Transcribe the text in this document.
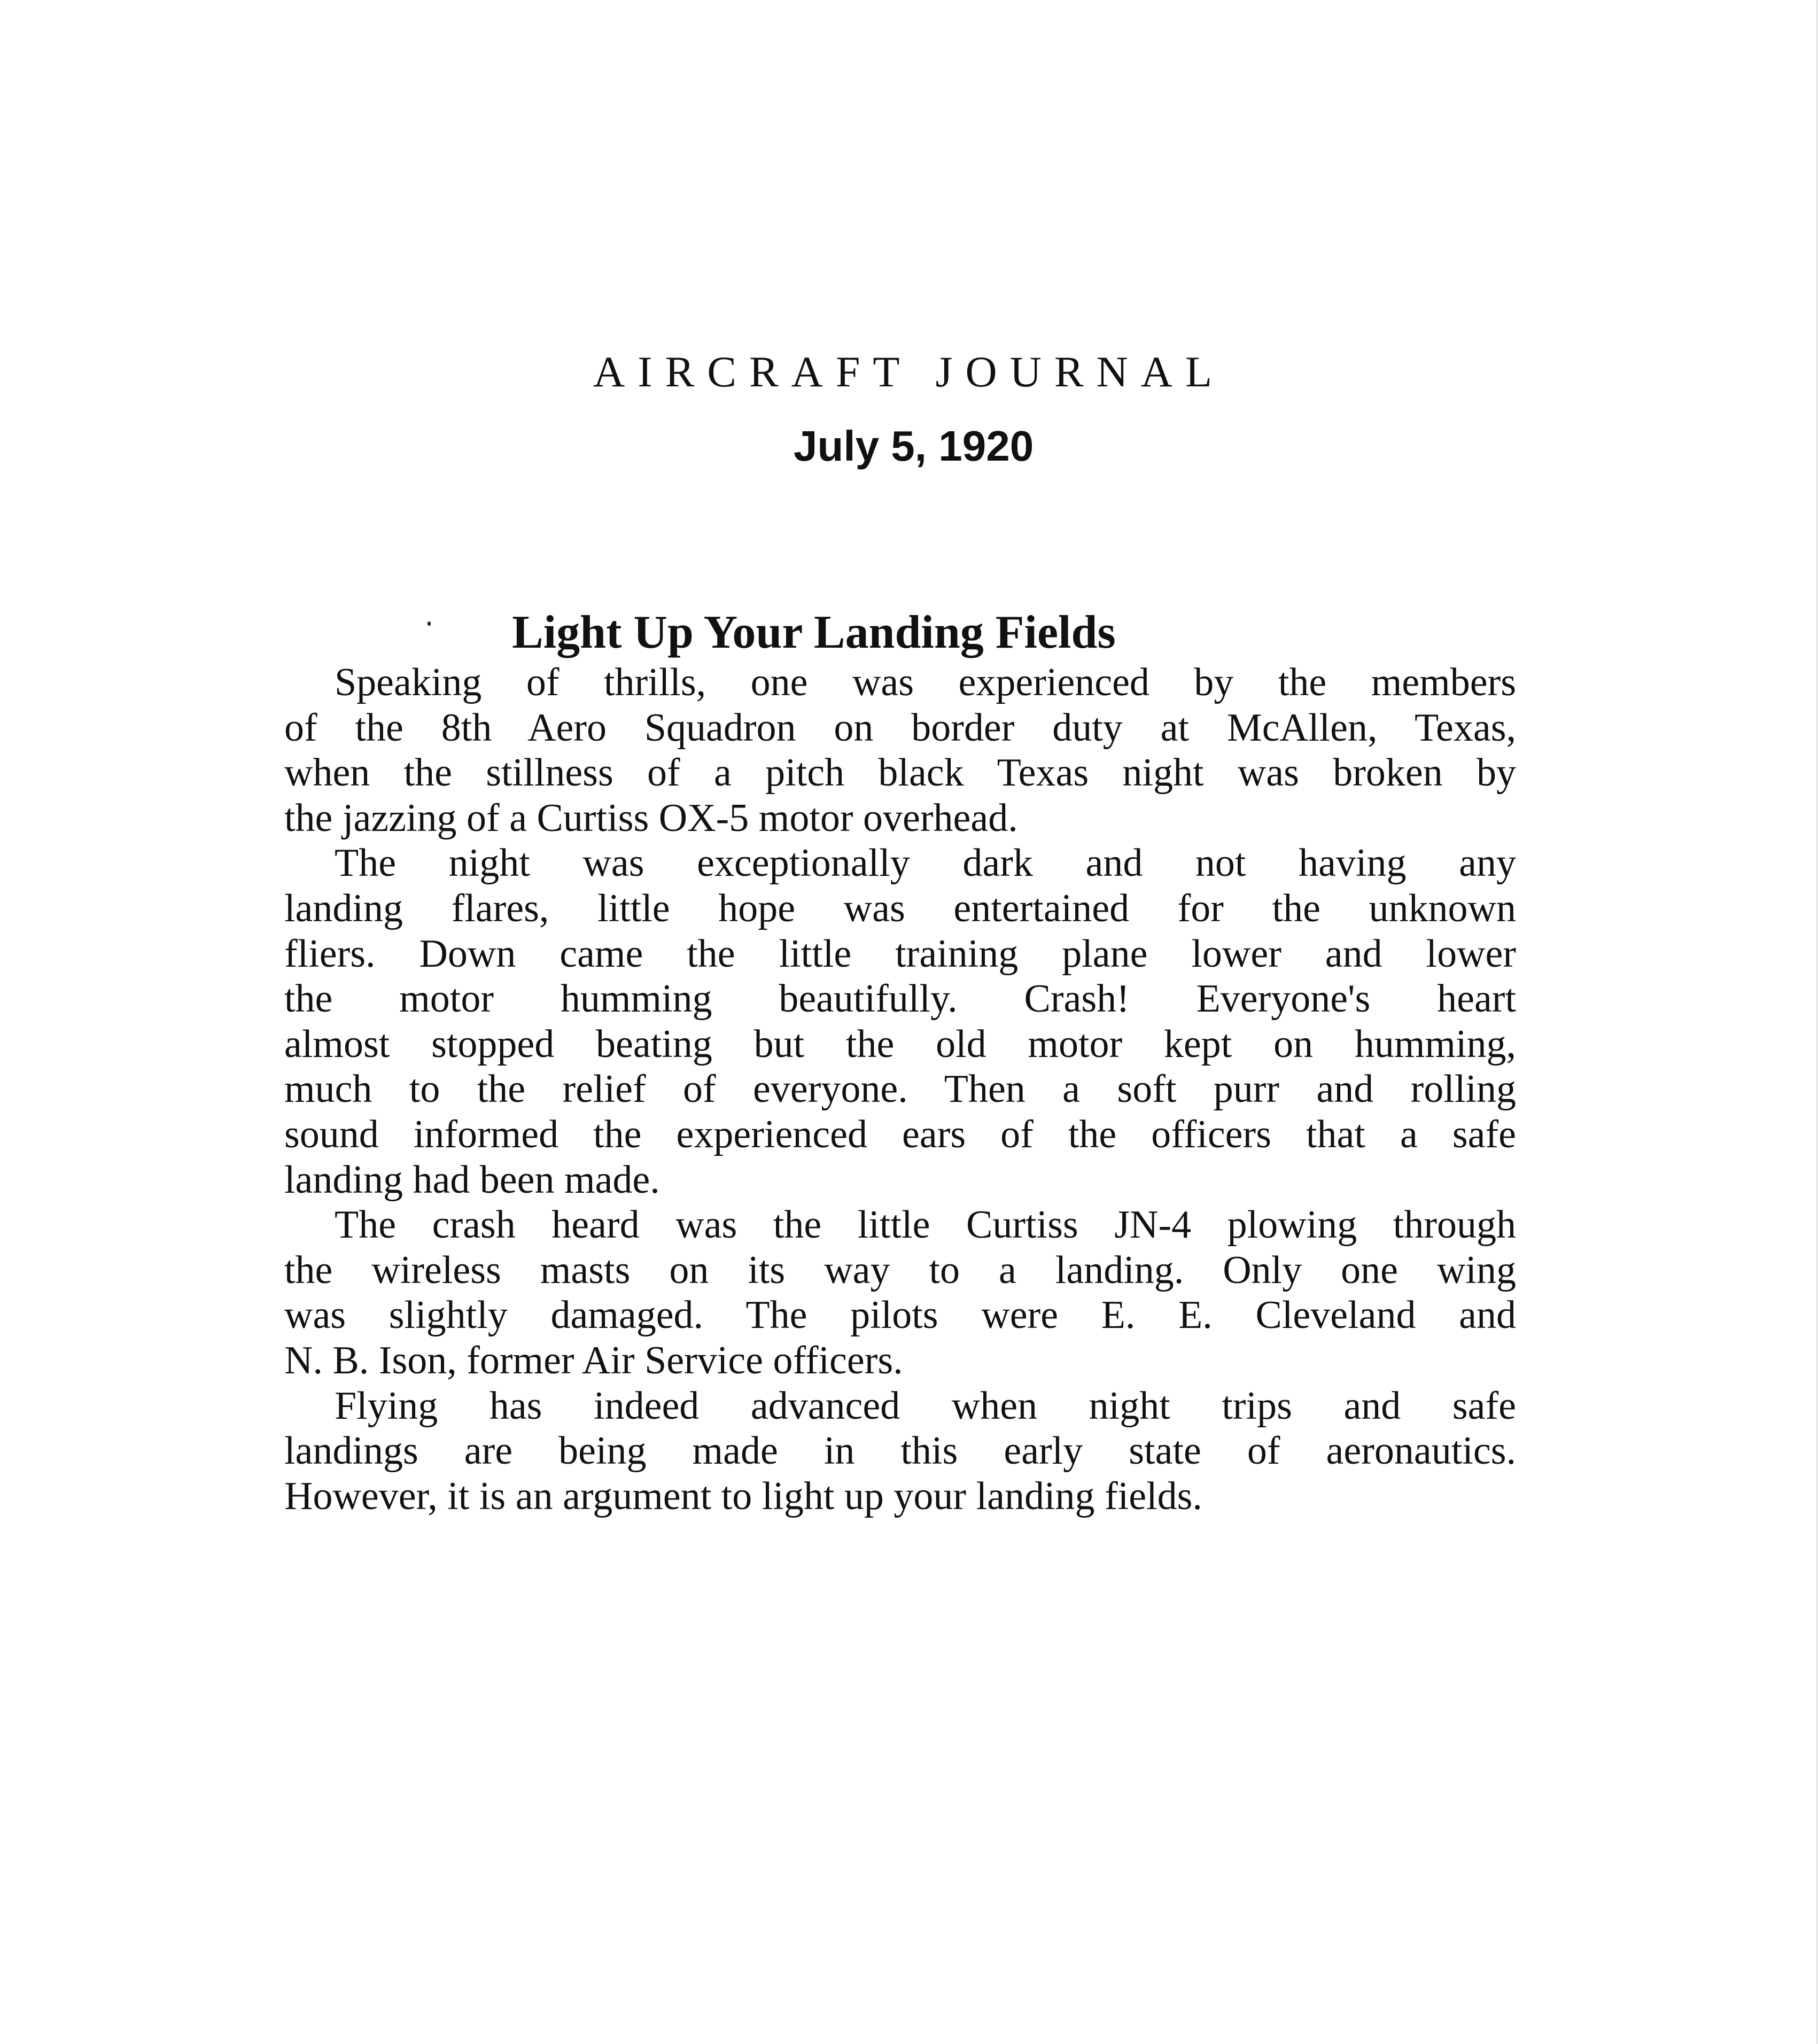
AIRCRAFT JOURNAL
July 5, 1920
Light Up Your Landing Fields

Speaking of thrills, one was experienced by the members
of the 8th Aero Squadron on border duty at McAllen, Texas,
when the stillness of a pitch black Texas night was broken by
the jazzing of a Curtiss OX-5 motor overhead.

The night was exceptionally dark and not having any
landing flares, little hope was entertained for the unknown
fliers. Down came the little training plane lower and lower
the motor humming beautifully. Crash! Everyone's heart
almost stopped beating but the old motor kept on humming,
much to the relief of everyone. Then a soft purr and rolling
sound informed the experienced ears of the officers that a safe
landing had been made.

The crash heard was the little Curtiss JN-4 plowing through
the wireless masts on its way to a landing. Only one wing
was slightly damaged. The pilots were E. E. Cleveland and
N. B. Ison, former Air Service officers.

Flying has indeed advanced when night trips and safe
landings are being made in this early state of aeronautics.
However, it is an argument to light up your landing fields.
